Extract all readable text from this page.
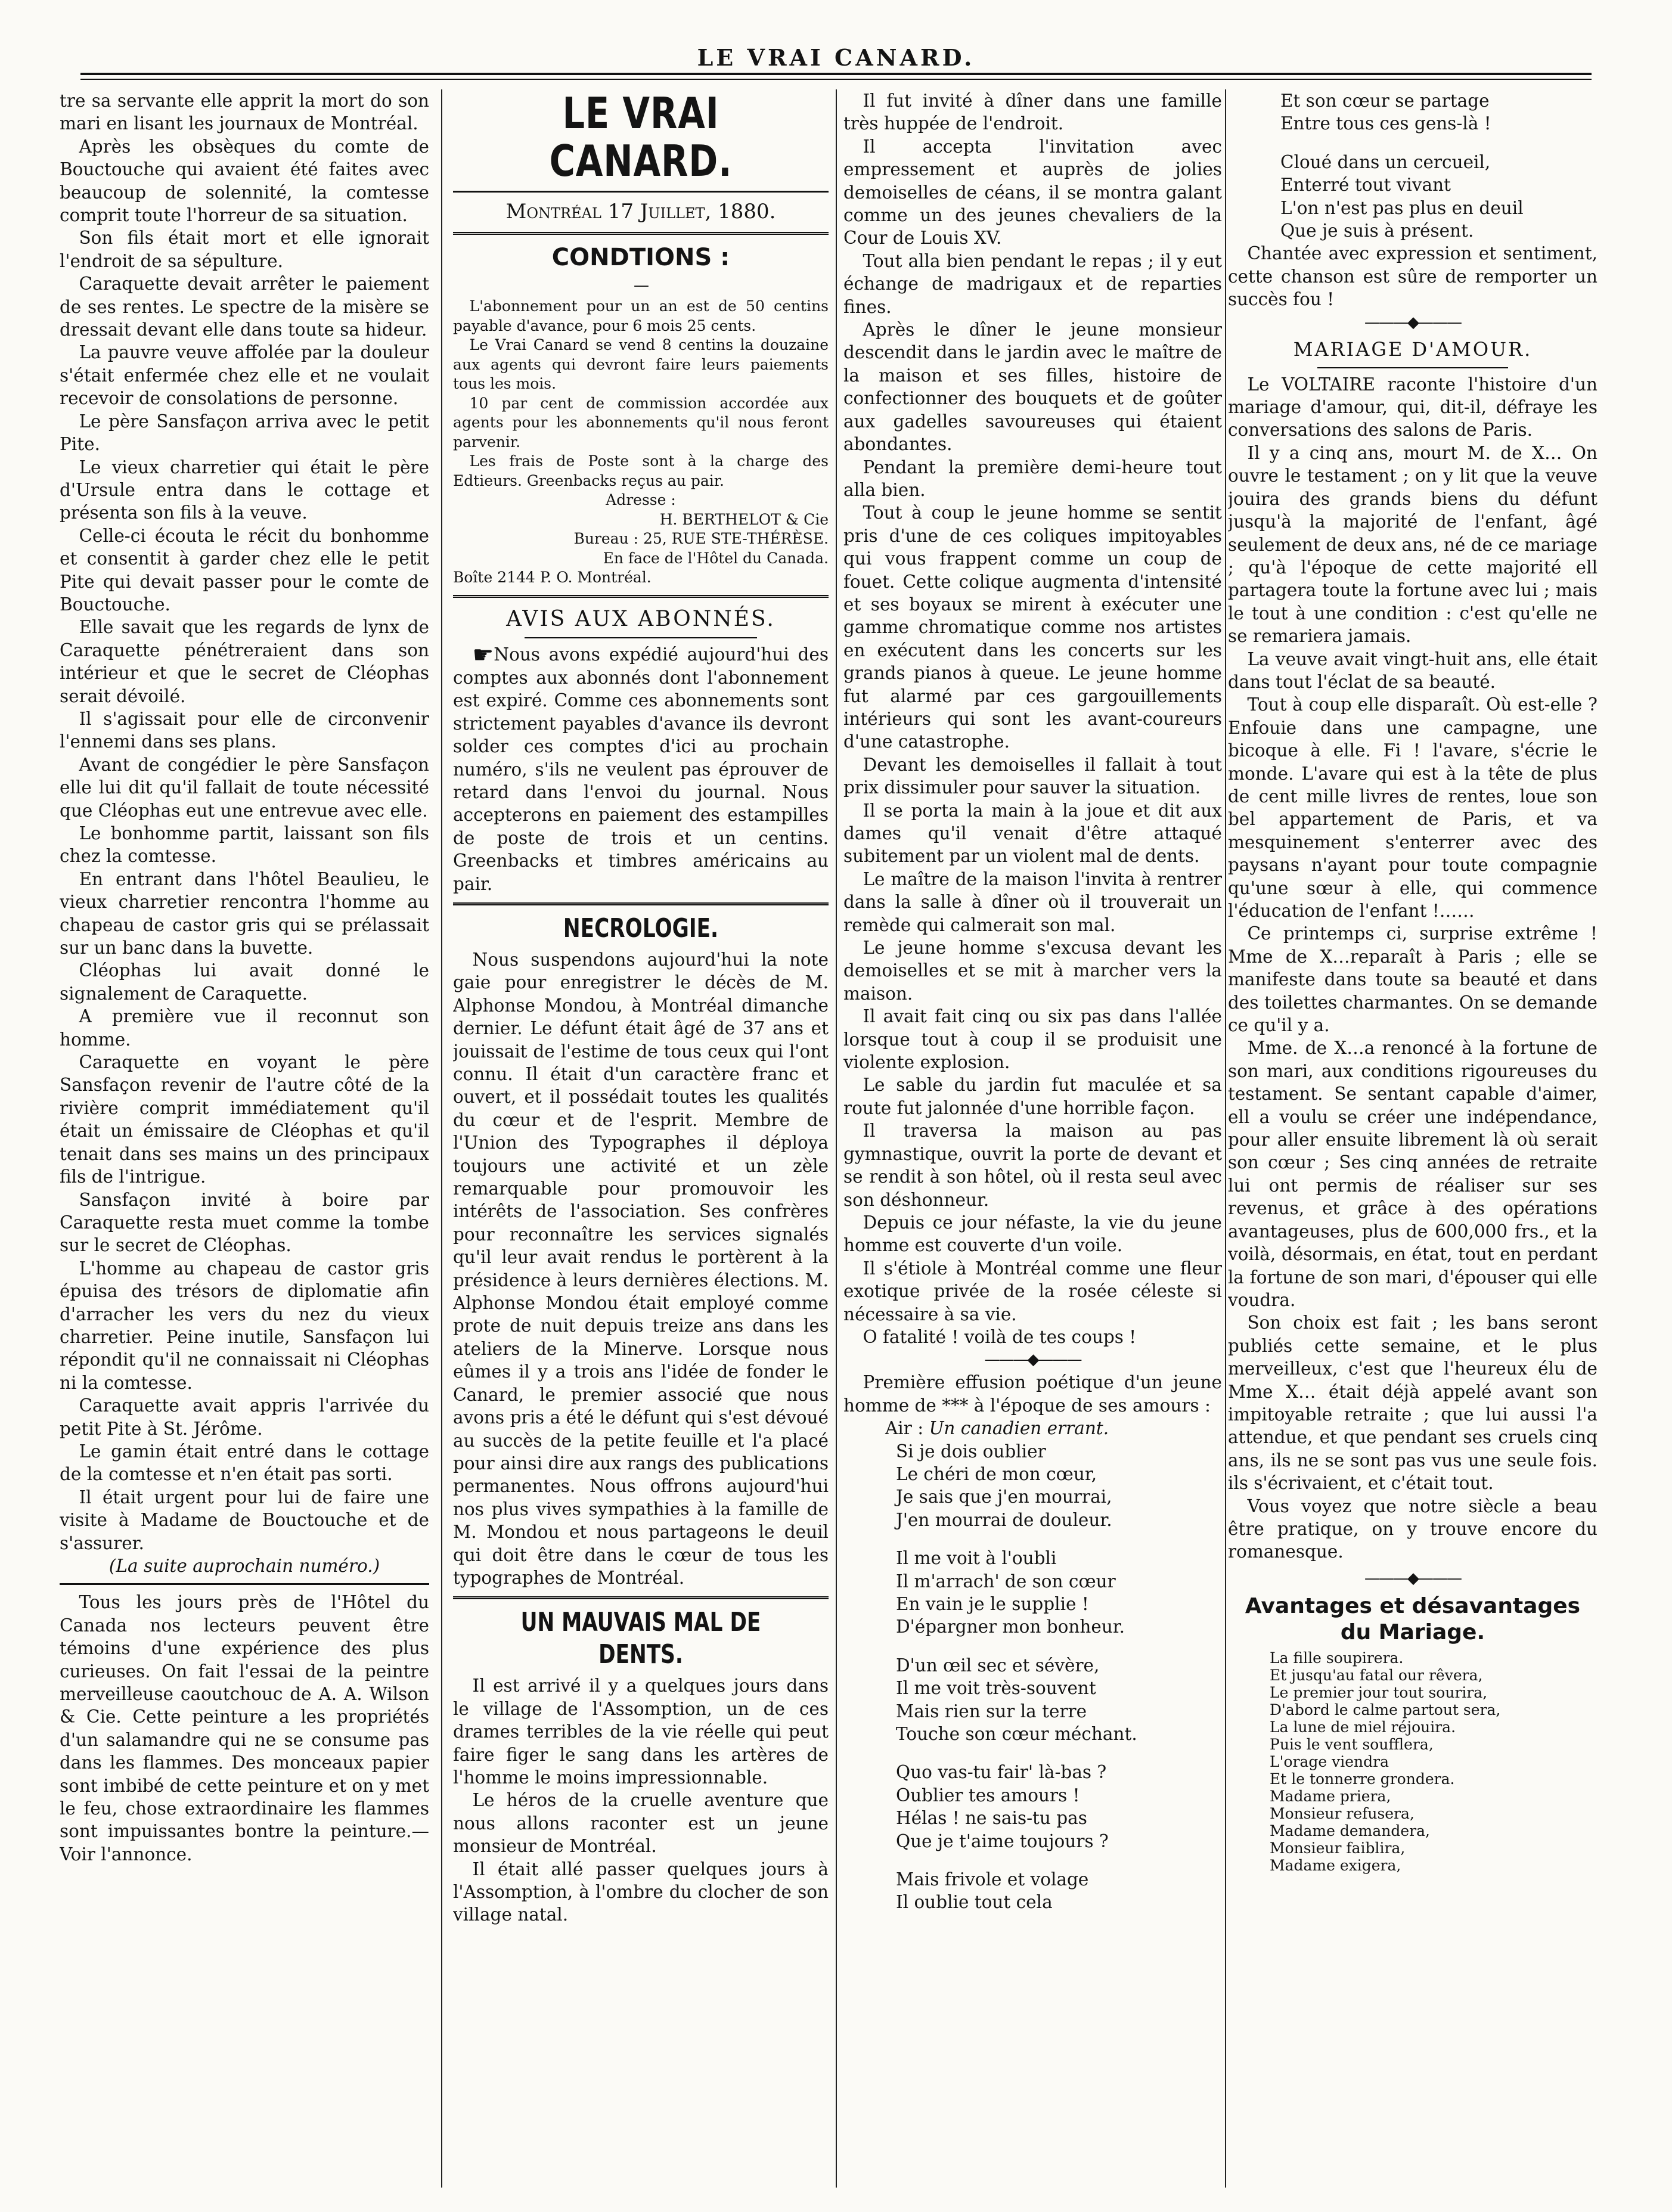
LE VRAI CANARD.

tre sa servante elle apprit la mort do son mari en lisant les journaux de Montréal.

Après les obsèques du comte de Bouctouche qui avaient été faites avec beaucoup de solennité, la comtesse comprit toute l'horreur de sa situation.

Son fils était mort et elle ignorait l'endroit de sa sépulture.

Caraquette devait arrêter le paiement de ses rentes. Le spectre de la misère se dressait devant elle dans toute sa hideur.

La pauvre veuve affolée par la douleur s'était enfermée chez elle et ne voulait recevoir de consolations de personne.

Le père Sansfaçon arriva avec le petit Pite.

Le vieux charretier qui était le père d'Ursule entra dans le cottage et présenta son fils à la veuve.

Celle-ci écouta le récit du bonhomme et consentit à garder chez elle le petit Pite qui devait passer pour le comte de Bouctouche.

Elle savait que les regards de lynx de Caraquette pénétreraient dans son intérieur et que le secret de Cléophas serait dévoilé.

Il s'agissait pour elle de circonvenir l'ennemi dans ses plans.

Avant de congédier le père Sansfaçon elle lui dit qu'il fallait de toute nécessité que Cléophas eut une entrevue avec elle.

Le bonhomme partit, laissant son fils chez la comtesse.

En entrant dans l'hôtel Beaulieu, le vieux charretier rencontra l'homme au chapeau de castor gris qui se prélassait sur un banc dans la buvette.

Cléophas lui avait donné le signalement de Caraquette.

A première vue il reconnut son homme.

Caraquette en voyant le père Sansfaçon revenir de l'autre côté de la rivière comprit immédiatement qu'il était un émissaire de Cléophas et qu'il tenait dans ses mains un des principaux fils de l'intrigue.

Sansfaçon invité à boire par Caraquette resta muet comme la tombe sur le secret de Cléophas.

L'homme au chapeau de castor gris épuisa des trésors de diplomatie afin d'arracher les vers du nez du vieux charretier. Peine inutile, Sansfaçon lui répondit qu'il ne connaissait ni Cléophas ni la comtesse.

Caraquette avait appris l'arrivée du petit Pite à St. Jérôme.

Le gamin était entré dans le cottage de la comtesse et n'en était pas sorti.

Il était urgent pour lui de faire une visite à Madame de Bouctouche et de s'assurer.

(La suite auprochain numéro.)

Tous les jours près de l'Hôtel du Canada nos lecteurs peuvent être témoins d'une expérience des plus curieuses. On fait l'essai de la peintre merveilleuse caoutchouc de A. A. Wilson & Cie. Cette peinture a les propriétés d'un salamandre qui ne se consume pas dans les flammes. Des monceaux papier sont imbibé de cette peinture et on y met le feu, chose extraordinaire les flammes sont impuissantes bontre la peinture.—Voir l'annonce.

LE VRAI CANARD.
Montréal 17 Juillet, 1880.
CONDTIONS :
—

L'abonnement pour un an est de 50 centins payable d'avance, pour 6 mois 25 cents.

Le Vrai Canard se vend 8 centins la douzaine aux agents qui devront faire leurs paiements tous les mois.

10 par cent de commission accordée aux agents pour les abonnements qu'il nous feront parvenir.

Les frais de Poste sont à la charge des Edtieurs. Greenbacks reçus au pair.

Adresse :

H. BERTHELOT & Cie

Bureau : 25, RUE STE-THÉRÈSE.

En face de l'Hôtel du Canada.

Boîte 2144 P. O. Montréal.

AVIS AUX ABONNÉS.

☛Nous avons expédié aujourd'hui des comptes aux abonnés dont l'abonnement est expiré. Comme ces abonnements sont strictement payables d'avance ils devront solder ces comptes d'ici au prochain numéro, s'ils ne veulent pas éprouver de retard dans l'envoi du journal. Nous accepterons en paiement des estampilles de poste de trois et un centins. Greenbacks et timbres américains au pair.

NECROLOGIE.

Nous suspendons aujourd'hui la note gaie pour enregistrer le décès de M. Alphonse Mondou, à Montréal dimanche dernier. Le défunt était âgé de 37 ans et jouissait de l'estime de tous ceux qui l'ont connu. Il était d'un caractère franc et ouvert, et il possédait toutes les qualités du cœur et de l'esprit. Membre de l'Union des Typographes il déploya toujours une activité et un zèle remarquable pour promouvoir les intérêts de l'association. Ses confrères pour reconnaître les services signalés qu'il leur avait rendus le portèrent à la présidence à leurs dernières élections. M. Alphonse Mondou était employé comme prote de nuit depuis treize ans dans les ateliers de la Minerve. Lorsque nous eûmes il y a trois ans l'idée de fonder le Canard, le premier associé que nous avons pris a été le défunt qui s'est dévoué au succès de la petite feuille et l'a placé pour ainsi dire aux rangs des publications permanentes. Nous offrons aujourd'hui nos plus vives sympathies à la famille de M. Mondou et nous partageons le deuil qui doit être dans le cœur de tous les typographes de Montréal.

UN MAUVAIS MAL DE DENTS.

Il est arrivé il y a quelques jours dans le village de l'Assomption, un de ces drames terribles de la vie réelle qui peut faire figer le sang dans les artères de l'homme le moins impressionnable.

Le héros de la cruelle aventure que nous allons raconter est un jeune monsieur de Montréal.

Il était allé passer quelques jours à l'Assomption, à l'ombre du clocher de son village natal.

Il fut invité à dîner dans une famille très huppée de l'endroit.

Il accepta l'invitation avec empressement et auprès de jolies demoiselles de céans, il se montra galant comme un des jeunes chevaliers de la Cour de Louis XV.

Tout alla bien pendant le repas ; il y eut échange de madrigaux et de reparties fines.

Après le dîner le jeune monsieur descendit dans le jardin avec le maître de la maison et ses filles, histoire de confectionner des bouquets et de goûter aux gadelles savoureuses qui étaient abondantes.

Pendant la première demi-heure tout alla bien.

Tout à coup le jeune homme se sentit pris d'une de ces coliques impitoyables qui vous frappent comme un coup de fouet. Cette colique augmenta d'intensité et ses boyaux se mirent à exécuter une gamme chromatique comme nos artistes en exécutent dans les concerts sur les grands pianos à queue. Le jeune homme fut alarmé par ces gargouillements intérieurs qui sont les avant-coureurs d'une catastrophe.

Devant les demoiselles il fallait à tout prix dissimuler pour sauver la situation.

Il se porta la main à la joue et dit aux dames qu'il venait d'être attaqué subitement par un violent mal de dents.

Le maître de la maison l'invita à rentrer dans la salle à dîner où il trouverait un remède qui calmerait son mal.

Le jeune homme s'excusa devant les demoiselles et se mit à marcher vers la maison.

Il avait fait cinq ou six pas dans l'allée lorsque tout à coup il se produisit une violente explosion.

Le sable du jardin fut maculée et sa route fut jalonnée d'une horrible façon.

Il traversa la maison au pas gymnastique, ouvrit la porte de devant et se rendit à son hôtel, où il resta seul avec son déshonneur.

Depuis ce jour néfaste, la vie du jeune homme est couverte d'un voile.

Il s'étiole à Montréal comme une fleur exotique privée de la rosée céleste si nécessaire à sa vie.

O fatalité ! voilà de tes coups !

———◆———

Première effusion poétique d'un jeune homme de *** à l'époque de ses amours :

Air : Un canadien errant.

Si je dois oublier
Le chéri de mon cœur,
Je sais que j'en mourrai,
J'en mourrai de douleur.
Il me voit à l'oubli
Il m'arrach' de son cœur
En vain je le supplie !
D'épargner mon bonheur.
D'un œil sec et sévère,
Il me voit très-souvent
Mais rien sur la terre
Touche son cœur méchant.
Quo vas-tu fair' là-bas ?
Oublier tes amours !
Hélas ! ne sais-tu pas
Que je t'aime toujours ?
Mais frivole et volage
Il oublie tout cela
Et son cœur se partage
Entre tous ces gens-là !
Cloué dans un cercueil,
Enterré tout vivant
L'on n'est pas plus en deuil
Que je suis à présent.

Chantée avec expression et sentiment, cette chanson est sûre de remporter un succès fou !

———◆———
MARIAGE D'AMOUR.

Le VOLTAIRE raconte l'histoire d'un mariage d'amour, qui, dit-il, défraye les conversations des salons de Paris.

Il y a cinq ans, mourt M. de X… On ouvre le testament ; on y lit que la veuve jouira des grands biens du défunt jusqu'à la majorité de l'enfant, âgé seulement de deux ans, né de ce mariage ; qu'à l'époque de cette majorité ell partagera toute la fortune avec lui ; mais le tout à une condition : c'est qu'elle ne se remariera jamais.

La veuve avait vingt-huit ans, elle était dans tout l'éclat de sa beauté.

Tout à coup elle disparaît. Où est-elle ? Enfouie dans une campagne, une bicoque à elle. Fi ! l'avare, s'écrie le monde. L'avare qui est à la tête de plus de cent mille livres de rentes, loue son bel appartement de Paris, et va mesquinement s'enterrer avec des paysans n'ayant pour toute compagnie qu'une sœur à elle, qui commence l'éducation de l'enfant !……

Ce printemps ci, surprise extrême ! Mme de X…reparaît à Paris ; elle se manifeste dans toute sa beauté et dans des toilettes charmantes. On se demande ce qu'il y a.

Mme. de X…a renoncé à la fortune de son mari, aux conditions rigoureuses du testament. Se sentant capable d'aimer, ell a voulu se créer une indépendance, pour aller ensuite librement là où serait son cœur ; Ses cinq années de retraite lui ont permis de réaliser sur ses revenus, et grâce à des opérations avantageuses, plus de 600,000 frs., et la voilà, désormais, en état, tout en perdant la fortune de son mari, d'épouser qui elle voudra.

Son choix est fait ; les bans seront publiés cette semaine, et le plus merveilleux, c'est que l'heureux élu de Mme X… était déjà appelé avant son impitoyable retraite ; que lui aussi l'a attendue, et que pendant ses cruels cinq ans, ils ne se sont pas vus une seule fois. ils s'écrivaient, et c'était tout.

Vous voyez que notre siècle a beau être pratique, on y trouve encore du romanesque.

———◆———
Avantages et désavantages du Mariage.
La fille soupirera.
Et jusqu'au fatal our rêvera,
Le premier jour tout sourira,
D'abord le calme partout sera,
La lune de miel réjouira.
Puis le vent soufflera,
L'orage viendra
Et le tonnerre grondera.
Madame priera,
Monsieur refusera,
Madame demandera,
Monsieur faiblira,
Madame exigera,
